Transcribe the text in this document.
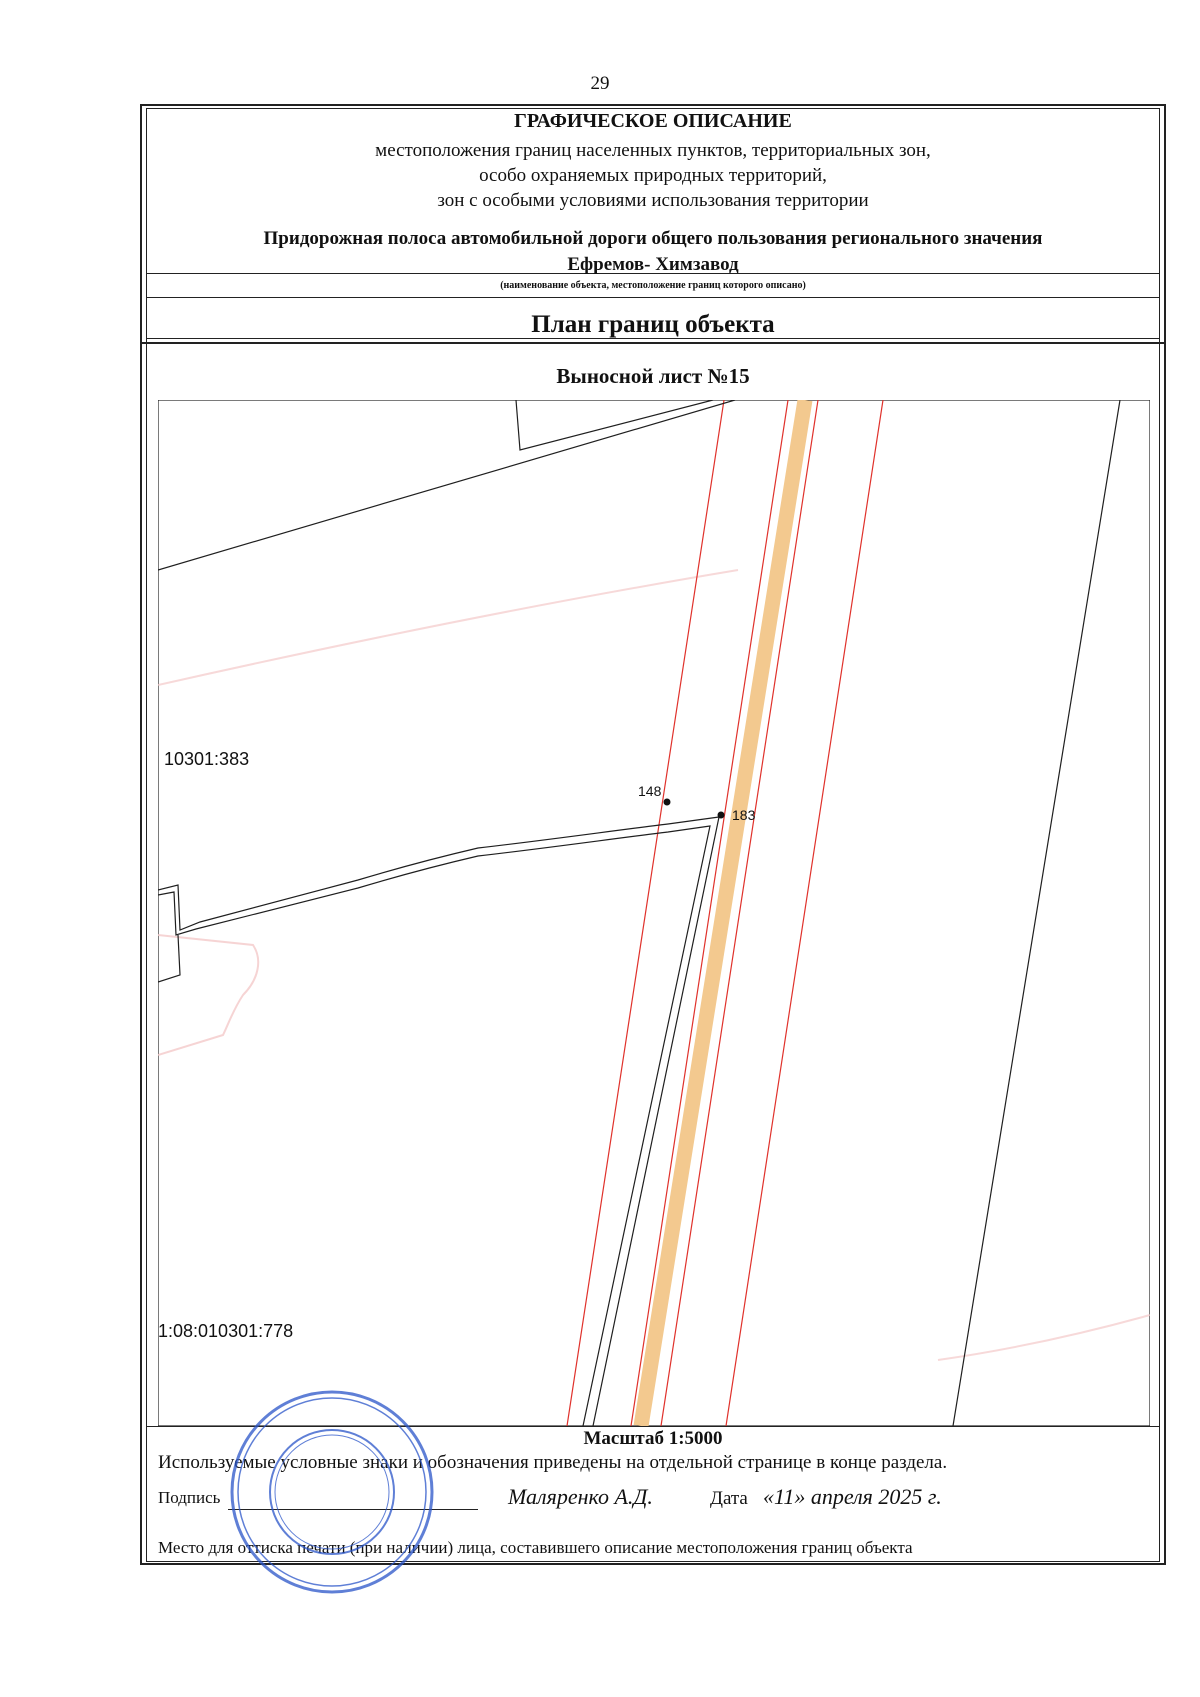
29
ГРАФИЧЕСКОЕ ОПИСАНИЕ
местоположения границ населенных пунктов, территориальных зон,
особо охраняемых природных территорий,
зон с особыми условиями использования территории
Придорожная полоса автомобильной дороги общего пользования регионального значения
Ефремов- Химзавод
(наименование объекта, местоположение границ которого описано)
План границ объекта
Выносной лист №15
10301:383
1:08:010301:778
148
183
Масштаб 1:5000
Используемые условные знаки и обозначения приведены на отдельной странице в конце раздела.
Подпись	Маляренко А.Д.	Дата «11» апреля 2025 г.
Место для оттиска печати (при наличии) лица, составившего описание местоположения границ объекта
